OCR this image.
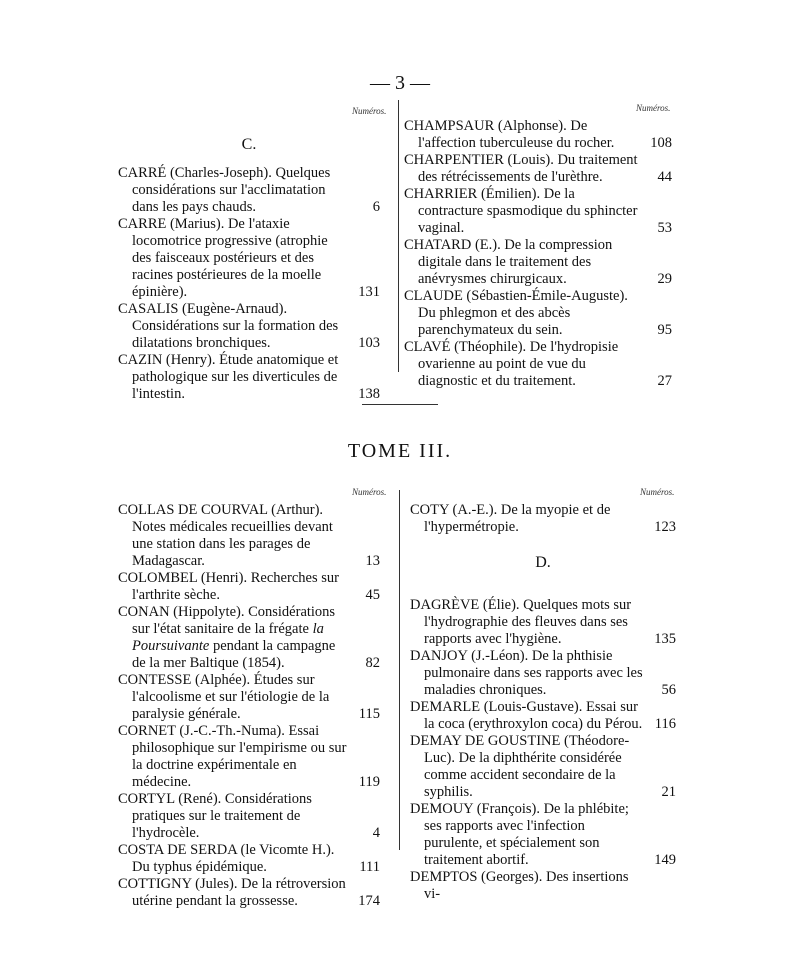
— 3 —
Numéros.	Numéros.
C.
CARRÉ (Charles-Joseph). Quelques considérations sur l'acclimatation dans les pays chauds.	6
CARRE (Marius). De l'ataxie locomotrice progressive (atrophie des faisceaux postérieurs et des racines postérieures de la moelle épinière).	131
CASALIS (Eugène-Arnaud). Considérations sur la formation des dilatations bronchiques.	103
CAZIN (Henry). Étude anatomique et pathologique sur les diverticules de l'intestin.	138
CHAMPSAUR (Alphonse). De l'affection tuberculeuse du rocher. 108
CHARPENTIER (Louis). Du traitement des rétrécissements de l'urèthre.	44
CHARRIER (Émilien). De la contracture spasmodique du sphincter vaginal.	53
CHATARD (E.). De la compression digitale dans le traitement des anévrysmes chirurgicaux.	29
CLAUDE (Sébastien-Émile-Auguste). Du phlegmon et des abcès parenchymateux du sein.	95
CLAVÉ (Théophile). De l'hydropisie ovarienne au point de vue du diagnostic et du traitement.	27
TOME III.
Numéros.	Numéros.
COLLAS DE COURVAL (Arthur). Notes médicales recueillies devant une station dans les parages de Madagascar.	13
COLOMBEL (Henri). Recherches sur l'arthrite sèche.	45
CONAN (Hippolyte). Considérations sur l'état sanitaire de la frégate la Poursuivante pendant la campagne de la mer Baltique (1854).	82
CONTESSE (Alphée). Études sur l'alcoolisme et sur l'étiologie de la paralysie générale.	115
CORNET (J.-C.-Th.-Numa). Essai philosophique sur l'empirisme ou sur la doctrine expérimentale en médecine.	119
CORTYL (René). Considérations pratiques sur le traitement de l'hydrocèle.	4
COSTA DE SERDA (le Vicomte H.). Du typhus épidémique.	111
COTTIGNY (Jules). De la rétroversion utérine pendant la grossesse.	174
COTY (A.-E.). De la myopie et de l'hypermétropie.	123
D.
DAGRÈVE (Élie). Quelques mots sur l'hydrographie des fleuves dans ses rapports avec l'hygiène.	135
DANJOY (J.-Léon). De la phthisie pulmonaire dans ses rapports avec les maladies chroniques.	56
DEMARLE (Louis-Gustave). Essai sur la coca (erythroxylon coca) du Pérou. 116
DEMAY DE GOUSTINE (Théodore-Luc). De la diphthérite considérée comme accident secondaire de la syphilis.	21
DEMOUY (François). De la phlébite; ses rapports avec l'infection purulente, et spécialement son traitement abortif.	149
DEMPTOS (Georges). Des insertions vi-
